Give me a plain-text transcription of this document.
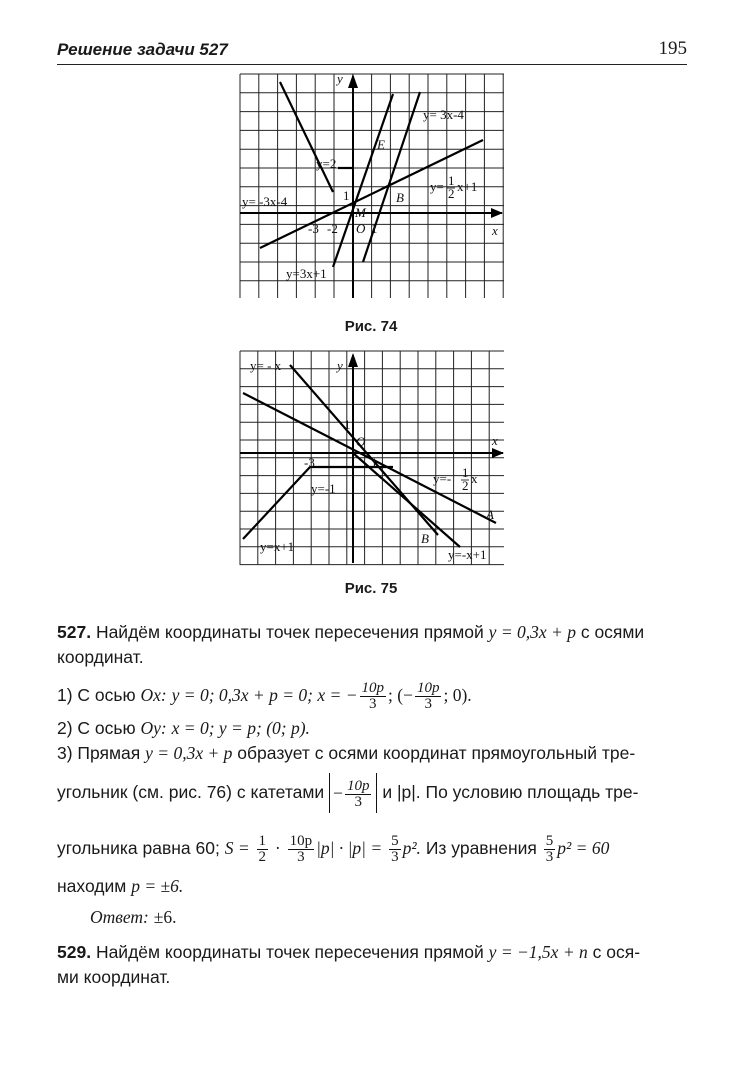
Решение задачи 527	195
y
x
y= 3x-4
y=2
y= -3x-4
y=3x+1
y= 1
2 x+1
E
B
M
O
1
-3 -2	1
Рис. 74
y= - x	y
x
y=- 1
2 x
y=-1
y=x+1
y=-x+1
A
B
O
1
-3	1
Рис. 75
527. Найдём координаты точек пересечения прямой y = 0,3x + p с осями координат.
1) С осью Ox: y = 0; 0,3x + p = 0; x = − $\frac{10p}{3}$ ; (− $\frac{10p}{3}$ ; 0).
2) С осью Oy: x = 0; y = p; (0; p).
3) Прямая y = 0,3x + p образует с осями координат прямоугольный тре-
угольник (см. рис. 76) с катетами − $\frac{10p}{3}$ и |p|. По условию площадь тре-
угольника равна 60; $S = \frac{1}{2} \cdot \frac{10p}{3} |p| \cdot |p| = \frac{5}{3} p^2$. Из уравнения $\frac{5}{3} p^2 = 60$
находим p = ±6.
Ответ: ±6.
529. Найдём координаты точек пересечения прямой y = −1,5x + n с ося-
ми координат.
